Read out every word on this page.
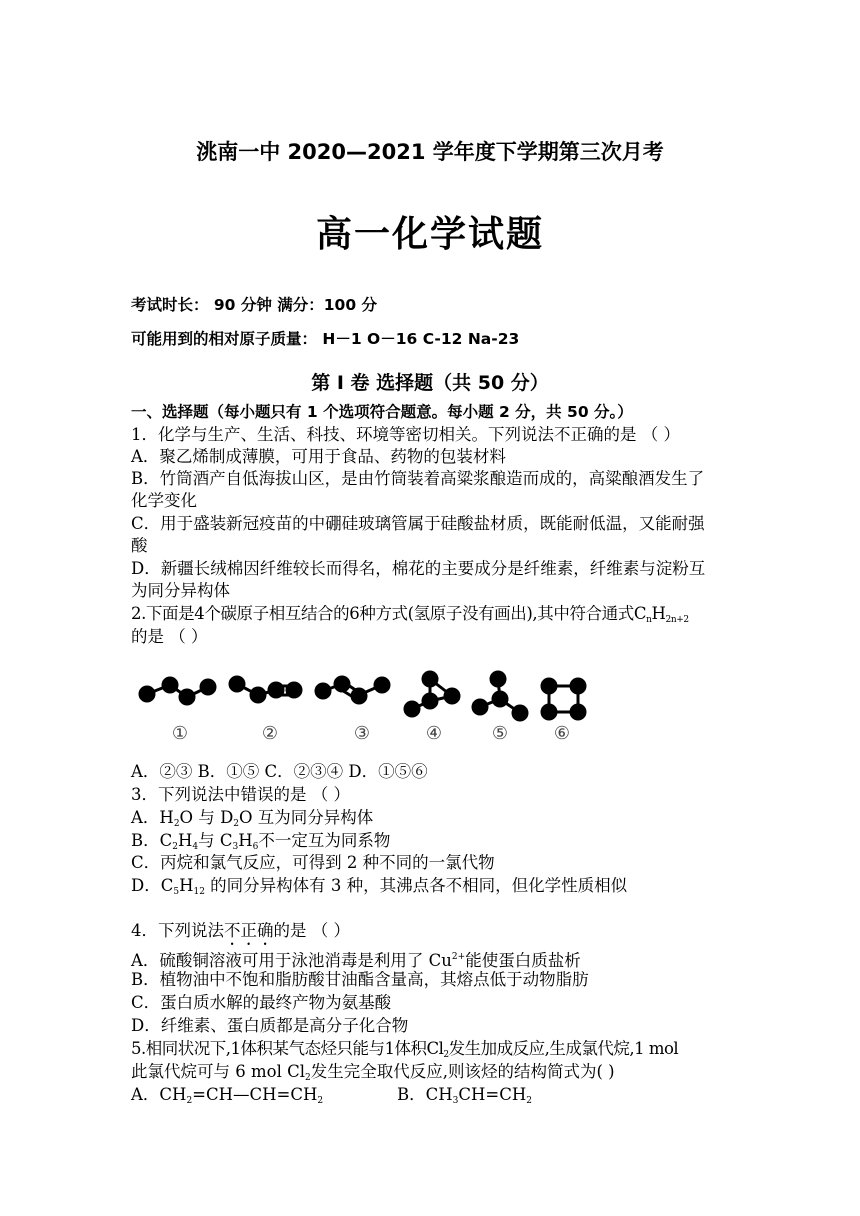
洮南一中 2020—2021 学年度下学期第三次月考
高一化学试题
考试时长： 90 分钟 满分：100 分
可能用到的相对原子质量： H－1 O－16 C-12 Na-23
第 I 卷 选择题（共 50 分）
一、选择题（每小题只有 1 个选项符合题意。每小题 2 分，共 50 分。）
1．化学与生产、生活、科技、环境等密切相关。下列说法不正确的是 （ ）
A．聚乙烯制成薄膜，可用于食品、药物的包装材料
B．竹筒酒产自低海拔山区，是由竹筒装着高粱浆酿造而成的，高粱酿酒发生了
化学变化
C．用于盛装新冠疫苗的中硼硅玻璃管属于硅酸盐材质，既能耐低温，又能耐强
酸
D．新疆长绒棉因纤维较长而得名，棉花的主要成分是纤维素，纤维素与淀粉互
为同分异构体
2.下面是4个碳原子相互结合的6种方式(氢原子没有画出),其中符合通式CnH2n+2
的是 （ ）
①	②	③	④	⑤	⑥
A．②③ B．①⑤ C．②③④ D．①⑤⑥
3．下列说法中错误的是 （ ）
A．H2O 与 D2O 互为同分异构体
B．C2H4与 C3H6不一定互为同系物
C．丙烷和氯气反应，可得到 2 种不同的一氯代物
D．C5H12 的同分异构体有 3 种，其沸点各不相同，但化学性质相似
4．下列说法不正确的是 （ ）
A．硫酸铜溶液可用于泳池消毒是利用了 $Cu^{2+}$能使蛋白质盐析
B．植物油中不饱和脂肪酸甘油酯含量高，其熔点低于动物脂肪
C．蛋白质水解的最终产物为氨基酸
D．纤维素、蛋白质都是高分子化合物
5.相同状况下,1体积某气态烃只能与1体积Cl2发生加成反应,生成氯代烷,1 mol
此氯代烷可与 6 mol Cl2发生完全取代反应,则该烃的结构简式为( )
A．CH2=CH—CH=CH2	B．CH3CH=CH2
